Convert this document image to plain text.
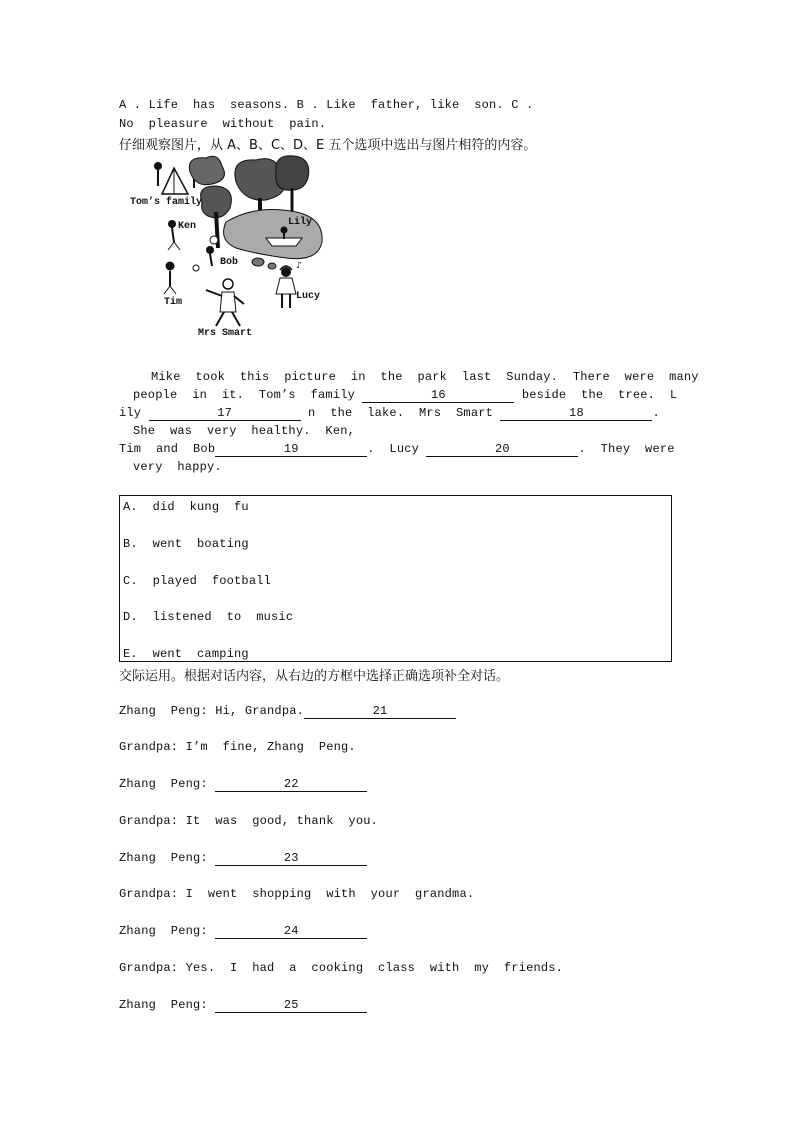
A . Life  has  seasons. B . Like  father, like  son. C .
No  pleasure  without  pain.
仔细观察图片，从 A、B、C、D、E 五个选项中选出与图片相符的内容。
♪
Tom’s family
Ken	Lily
Bob
Tim
Lucy
Mrs Smart
Mike  took  this  picture  in  the  park  last  Sunday.  There  were  many
people  in  it.  Tom’s  family	16	beside  the  tree.  L
ily	17	n  the  lake.  Mrs  Smart	18	.
She  was  very  healthy.  Ken,
Tim  and  Bob	19	.  Lucy	20	.  They  were
very  happy.
A.  did  kung  fu
B.  went  boating
C.  played  football
D.  listened  to  music
E.  went  camping
交际运用。根据对话内容，从右边的方框中选择正确选项补全对话。
Zhang  Peng: Hi, Grandpa.	21
Grandpa: I’m  fine, Zhang  Peng.
Zhang  Peng:	22
Grandpa: It  was  good, thank  you.
Zhang  Peng:	23
Grandpa: I  went  shopping  with  your  grandma.
Zhang  Peng:	24
Grandpa: Yes.  I  had  a  cooking  class  with  my  friends.
Zhang  Peng:	25
